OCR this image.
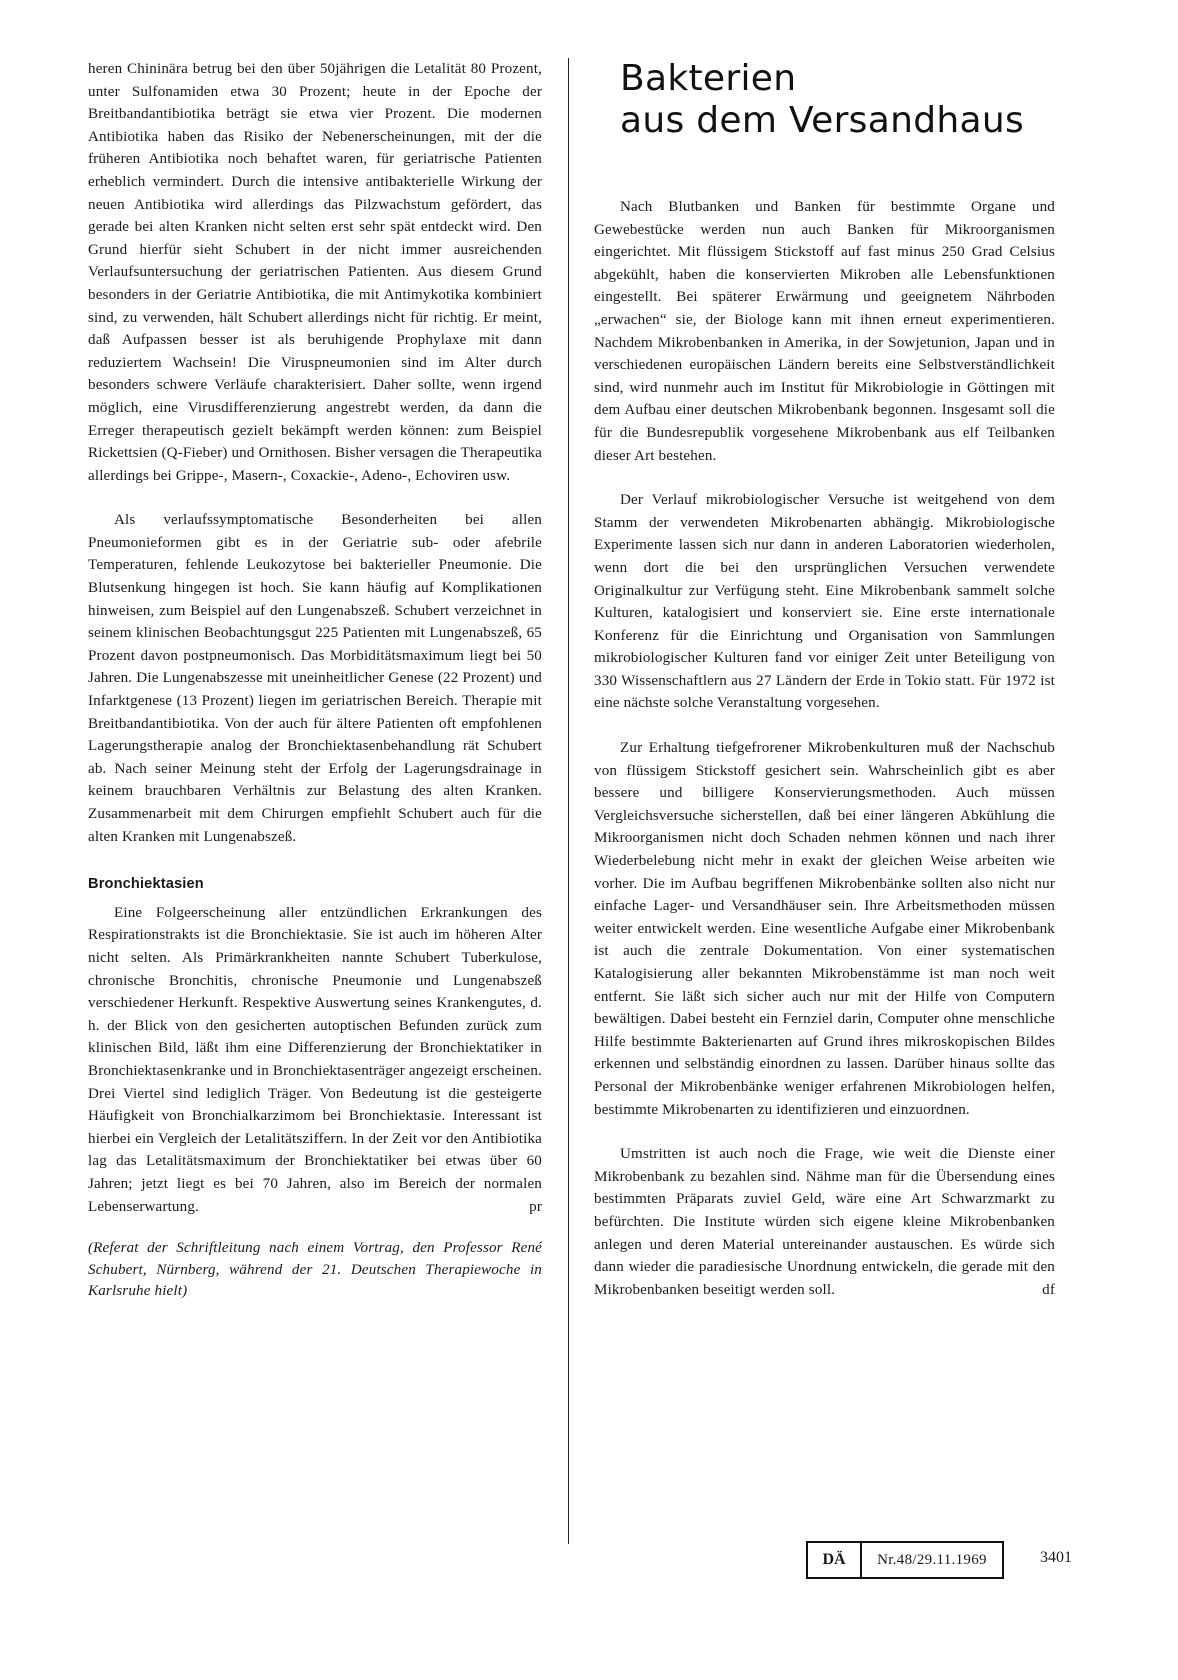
heren Chininära betrug bei den über 50jährigen die Letalität 80 Prozent, unter Sulfonamiden etwa 30 Prozent; heute in der Epoche der Breitbandantibiotika beträgt sie etwa vier Prozent. Die modernen Antibiotika haben das Risiko der Nebenerscheinungen, mit der die früheren Antibiotika noch behaftet waren, für geriatrische Patienten erheblich vermindert. Durch die intensive antibakterielle Wirkung der neuen Antibiotika wird allerdings das Pilzwachstum gefördert, das gerade bei alten Kranken nicht selten erst sehr spät entdeckt wird. Den Grund hierfür sieht Schubert in der nicht immer ausreichenden Verlaufsuntersuchung der geriatrischen Patienten. Aus diesem Grund besonders in der Geriatrie Antibiotika, die mit Antimykotika kombiniert sind, zu verwenden, hält Schubert allerdings nicht für richtig. Er meint, daß Aufpassen besser ist als beruhigende Prophylaxe mit dann reduziertem Wachsein! Die Viruspneumonien sind im Alter durch besonders schwere Verläufe charakterisiert. Daher sollte, wenn irgend möglich, eine Virusdifferenzierung angestrebt werden, da dann die Erreger therapeutisch gezielt bekämpft werden können: zum Beispiel Rickettsien (Q-Fieber) und Ornithosen. Bisher versagen die Therapeutika allerdings bei Grippe-, Masern-, Coxackie-, Adeno-, Echoviren usw.

Als verlaufssymptomatische Besonderheiten bei allen Pneumonieformen gibt es in der Geriatrie sub- oder afebrile Temperaturen, fehlende Leukozytose bei bakterieller Pneumonie. Die Blutsenkung hingegen ist hoch. Sie kann häufig auf Komplikationen hinweisen, zum Beispiel auf den Lungenabszeß. Schubert verzeichnet in seinem klinischen Beobachtungsgut 225 Patienten mit Lungenabszeß, 65 Prozent davon postpneumonisch. Das Morbiditätsmaximum liegt bei 50 Jahren. Die Lungenabszesse mit uneinheitlicher Genese (22 Prozent) und Infarktgenese (13 Prozent) liegen im geriatrischen Bereich. Therapie mit Breitbandantibiotika. Von der auch für ältere Patienten oft empfohlenen Lagerungstherapie analog der Bronchiektasenbehandlung rät Schubert ab. Nach seiner Meinung steht der Erfolg der Lagerungsdrainage in keinem brauchbaren Verhältnis zur Belastung des alten Kranken. Zusammenarbeit mit dem Chirurgen empfiehlt Schubert auch für die alten Kranken mit Lungenabszeß.

Bronchiektasien

Eine Folgeerscheinung aller entzündlichen Erkrankungen des Respirationstrakts ist die Bronchiektasie. Sie ist auch im höheren Alter nicht selten. Als Primärkrankheiten nannte Schubert Tuberkulose, chronische Bronchitis, chronische Pneumonie und Lungenabszeß verschiedener Herkunft. Respektive Auswertung seines Krankengutes, d. h. der Blick von den gesicherten autoptischen Befunden zurück zum klinischen Bild, läßt ihm eine Differenzierung der Bronchiektatiker in Bronchiektasenkranke und in Bronchiektasenträger angezeigt erscheinen. Drei Viertel sind lediglich Träger. Von Bedeutung ist die gesteigerte Häufigkeit von Bronchialkarzimom bei Bronchiektasie. Interessant ist hierbei ein Vergleich der Letalitätsziffern. In der Zeit vor den Antibiotika lag das Letalitätsmaximum der Bronchiektatiker bei etwas über 60 Jahren; jetzt liegt es bei 70 Jahren, also im Bereich der normalen Lebenserwartung.	pr

(Referat der Schriftleitung nach einem Vortrag, den Professor René Schubert, Nürnberg, während der 21. Deutschen Therapiewoche in Karlsruhe hielt)

Bakterien
aus dem Versandhaus

Nach Blutbanken und Banken für bestimmte Organe und Gewebestücke werden nun auch Banken für Mikroorganismen eingerichtet. Mit flüssigem Stickstoff auf fast minus 250 Grad Celsius abgekühlt, haben die konservierten Mikroben alle Lebensfunktionen eingestellt. Bei späterer Erwärmung und geeignetem Nährboden „erwachen“ sie, der Biologe kann mit ihnen erneut experimentieren. Nachdem Mikrobenbanken in Amerika, in der Sowjetunion, Japan und in verschiedenen europäischen Ländern bereits eine Selbstverständlichkeit sind, wird nunmehr auch im Institut für Mikrobiologie in Göttingen mit dem Aufbau einer deutschen Mikrobenbank begonnen. Insgesamt soll die für die Bundesrepublik vorgesehene Mikrobenbank aus elf Teilbanken dieser Art bestehen.

Der Verlauf mikrobiologischer Versuche ist weitgehend von dem Stamm der verwendeten Mikrobenarten abhängig. Mikrobiologische Experimente lassen sich nur dann in anderen Laboratorien wiederholen, wenn dort die bei den ursprünglichen Versuchen verwendete Originalkultur zur Verfügung steht. Eine Mikrobenbank sammelt solche Kulturen, katalogisiert und konserviert sie. Eine erste internationale Konferenz für die Einrichtung und Organisation von Sammlungen mikrobiologischer Kulturen fand vor einiger Zeit unter Beteiligung von 330 Wissenschaftlern aus 27 Ländern der Erde in Tokio statt. Für 1972 ist eine nächste solche Veranstaltung vorgesehen.

Zur Erhaltung tiefgefrorener Mikrobenkulturen muß der Nachschub von flüssigem Stickstoff gesichert sein. Wahrscheinlich gibt es aber bessere und billigere Konservierungsmethoden. Auch müssen Vergleichsversuche sicherstellen, daß bei einer längeren Abkühlung die Mikroorganismen nicht doch Schaden nehmen können und nach ihrer Wiederbelebung nicht mehr in exakt der gleichen Weise arbeiten wie vorher. Die im Aufbau begriffenen Mikrobenbänke sollten also nicht nur einfache Lager- und Versandhäuser sein. Ihre Arbeitsmethoden müssen weiter entwickelt werden. Eine wesentliche Aufgabe einer Mikrobenbank ist auch die zentrale Dokumentation. Von einer systematischen Katalogisierung aller bekannten Mikrobenstämme ist man noch weit entfernt. Sie läßt sich sicher auch nur mit der Hilfe von Computern bewältigen. Dabei besteht ein Fernziel darin, Computer ohne menschliche Hilfe bestimmte Bakterienarten auf Grund ihres mikroskopischen Bildes erkennen und selbständig einordnen zu lassen. Darüber hinaus sollte das Personal der Mikrobenbänke weniger erfahrenen Mikrobiologen helfen, bestimmte Mikrobenarten zu identifizieren und einzuordnen.

Umstritten ist auch noch die Frage, wie weit die Dienste einer Mikrobenbank zu bezahlen sind. Nähme man für die Übersendung eines bestimmten Präparats zuviel Geld, wäre eine Art Schwarzmarkt zu befürchten. Die Institute würden sich eigene kleine Mikrobenbanken anlegen und deren Material untereinander austauschen. Es würde sich dann wieder die paradiesische Unordnung entwickeln, die gerade mit den Mikrobenbanken beseitigt werden soll.	df

DÄ	Nr.48/29.11.1969	3401
